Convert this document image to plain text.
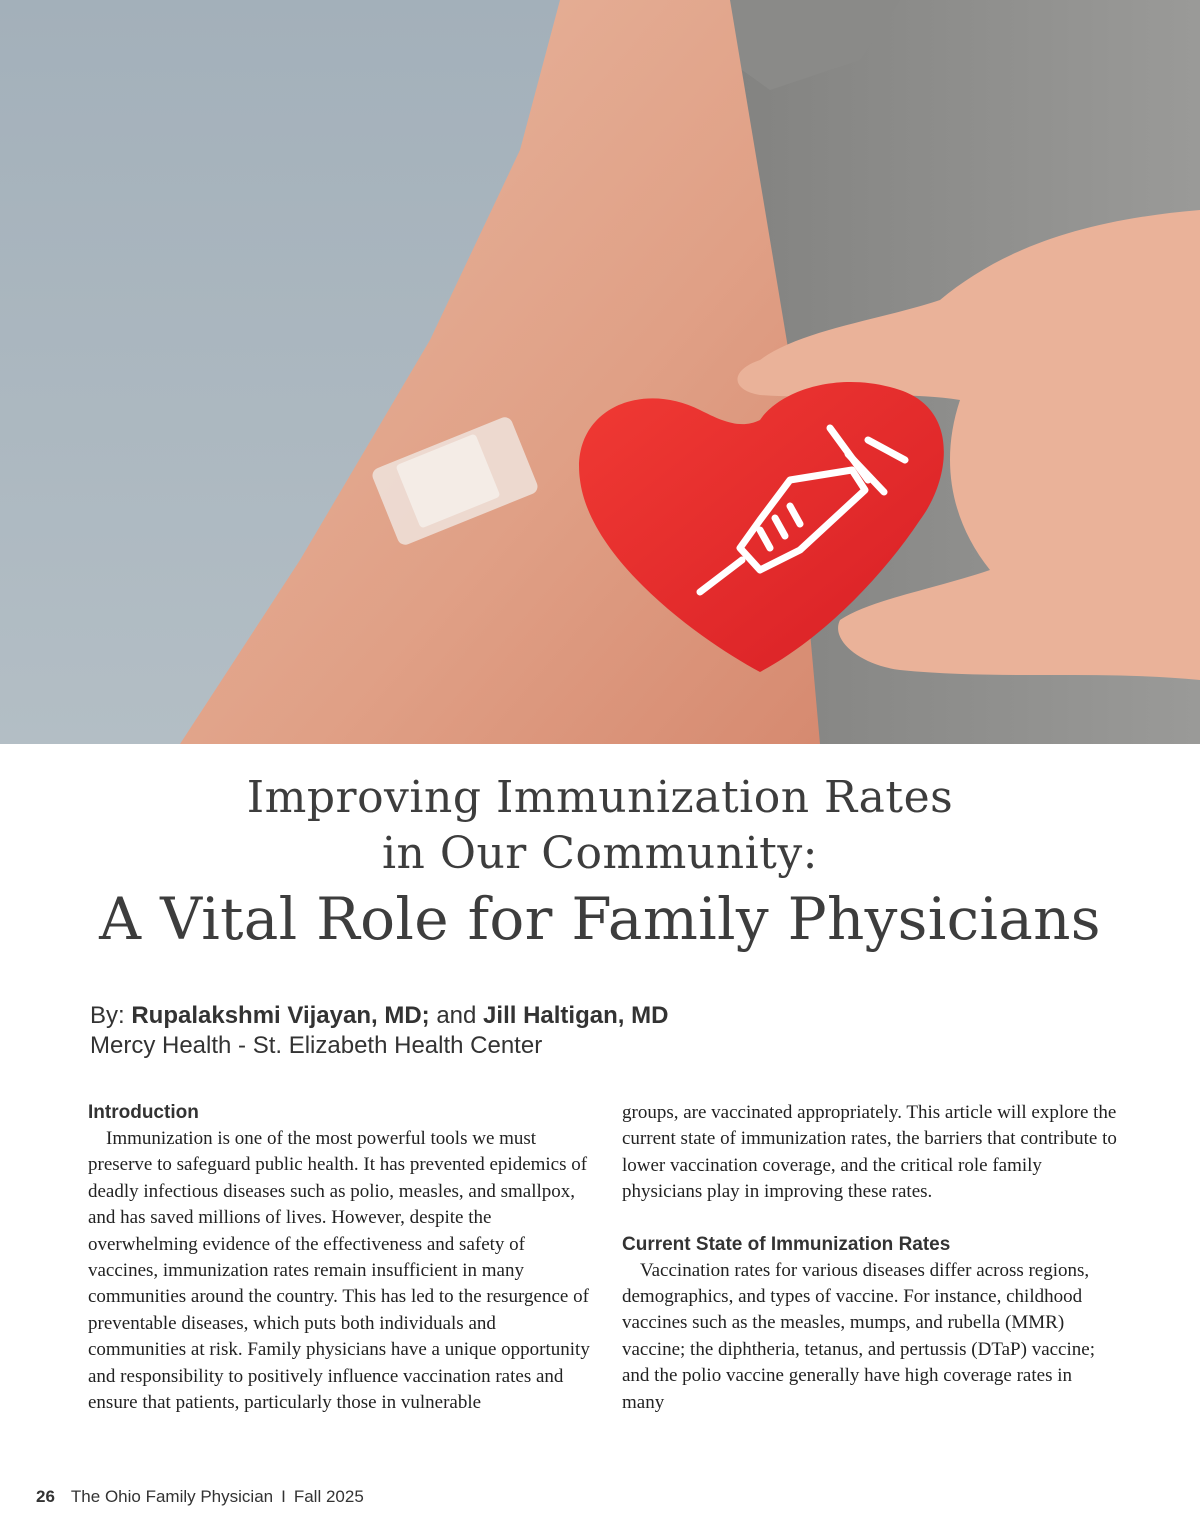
Improving Immunization Rates
in Our Community:
A Vital Role for Family Physicians
By: Rupalakshmi Vijayan, MD; and Jill Haltigan, MD
Mercy Health - St. Elizabeth Health Center
Introduction

Immunization is one of the most powerful tools we must preserve to safeguard public health. It has prevented epidemics of deadly infectious diseases such as polio, measles, and smallpox, and has saved millions of lives. However, despite the overwhelming evidence of the effectiveness and safety of vaccines, immunization rates remain insufficient in many communities around the country. This has led to the resurgence of preventable diseases, which puts both individuals and communities at risk. Family physicians have a unique opportunity and responsibility to positively influence vaccination rates and ensure that patients, particularly those in vulnerable

groups, are vaccinated appropriately. This article will explore the current state of immunization rates, the barriers that contribute to lower vaccination coverage, and the critical role family physicians play in improving these rates.

Current State of Immunization Rates

Vaccination rates for various diseases differ across regions, demographics, and types of vaccine. For instance, childhood vaccines such as the measles, mumps, and rubella (MMR) vaccine; the diphtheria, tetanus, and pertussis (DTaP) vaccine; and the polio vaccine generally have high coverage rates in many

26 The Ohio Family Physician I Fall 2025
